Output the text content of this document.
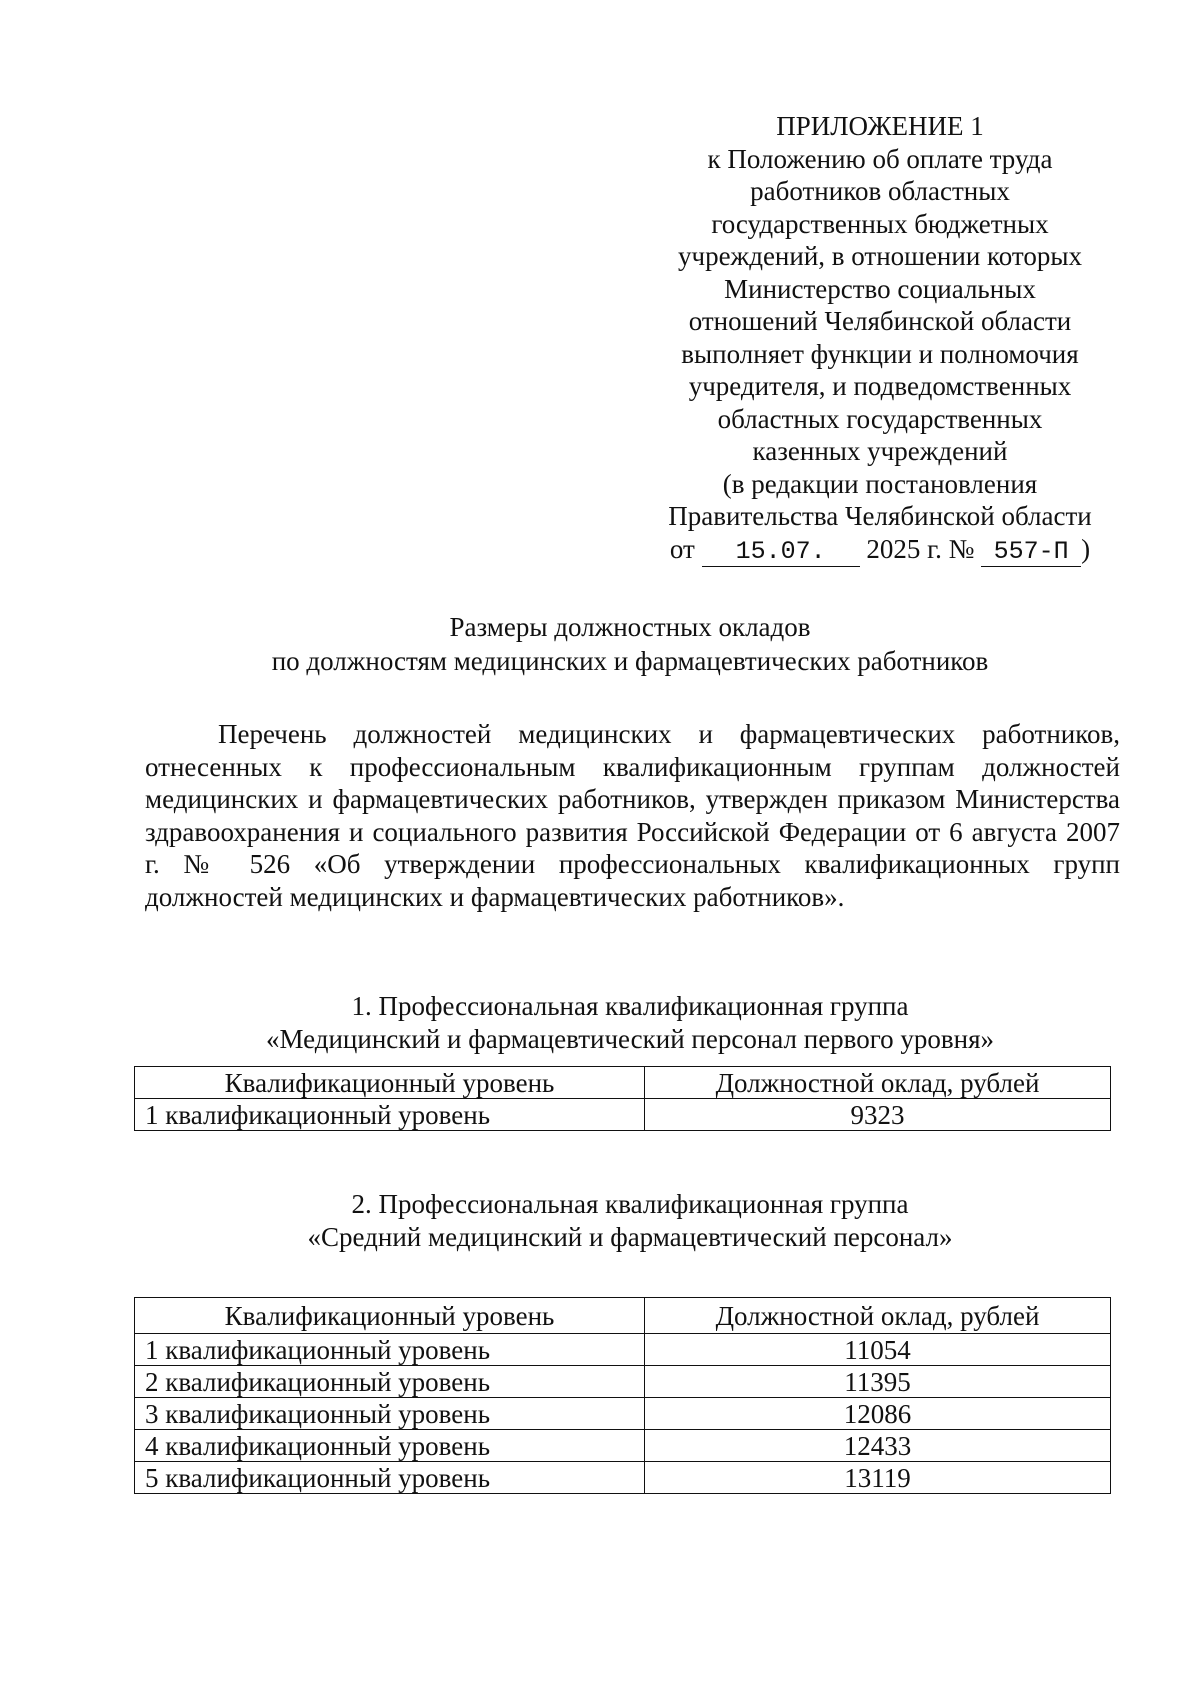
ПРИЛОЖЕНИЕ 1
к Положению об оплате труда
работников областных
государственных бюджетных
учреждений, в отношении которых
Министерство социальных
отношений Челябинской области
выполняет функции и полномочия
учредителя, и подведомственных
областных государственных
казенных учреждений
(в редакции постановления
Правительства Челябинской области
от 15.07. 2025 г. № 557-П )
Размеры должностных окладов
по должностям медицинских и фармацевтических работников

Перечень должностей медицинских и фармацевтических работников, отнесенных к профессиональным квалификационным группам должностей медицинских и фармацевтических работников, утвержден приказом Министерства здравоохранения и социального развития Российской Федерации от 6 августа 2007 г. № 526 «Об утверждении профессиональных квалификационных групп должностей медицинских и фармацевтических работников».

1. Профессиональная квалификационная группа
«Медицинский и фармацевтический персонал первого уровня»
Квалификационный уровень	Должностной оклад, рублей
1 квалификационный уровень	9323
2. Профессиональная квалификационная группа
«Средний медицинский и фармацевтический персонал»
Квалификационный уровень	Должностной оклад, рублей
1 квалификационный уровень	11054
2 квалификационный уровень	11395
3 квалификационный уровень	12086
4 квалификационный уровень	12433
5 квалификационный уровень	13119
